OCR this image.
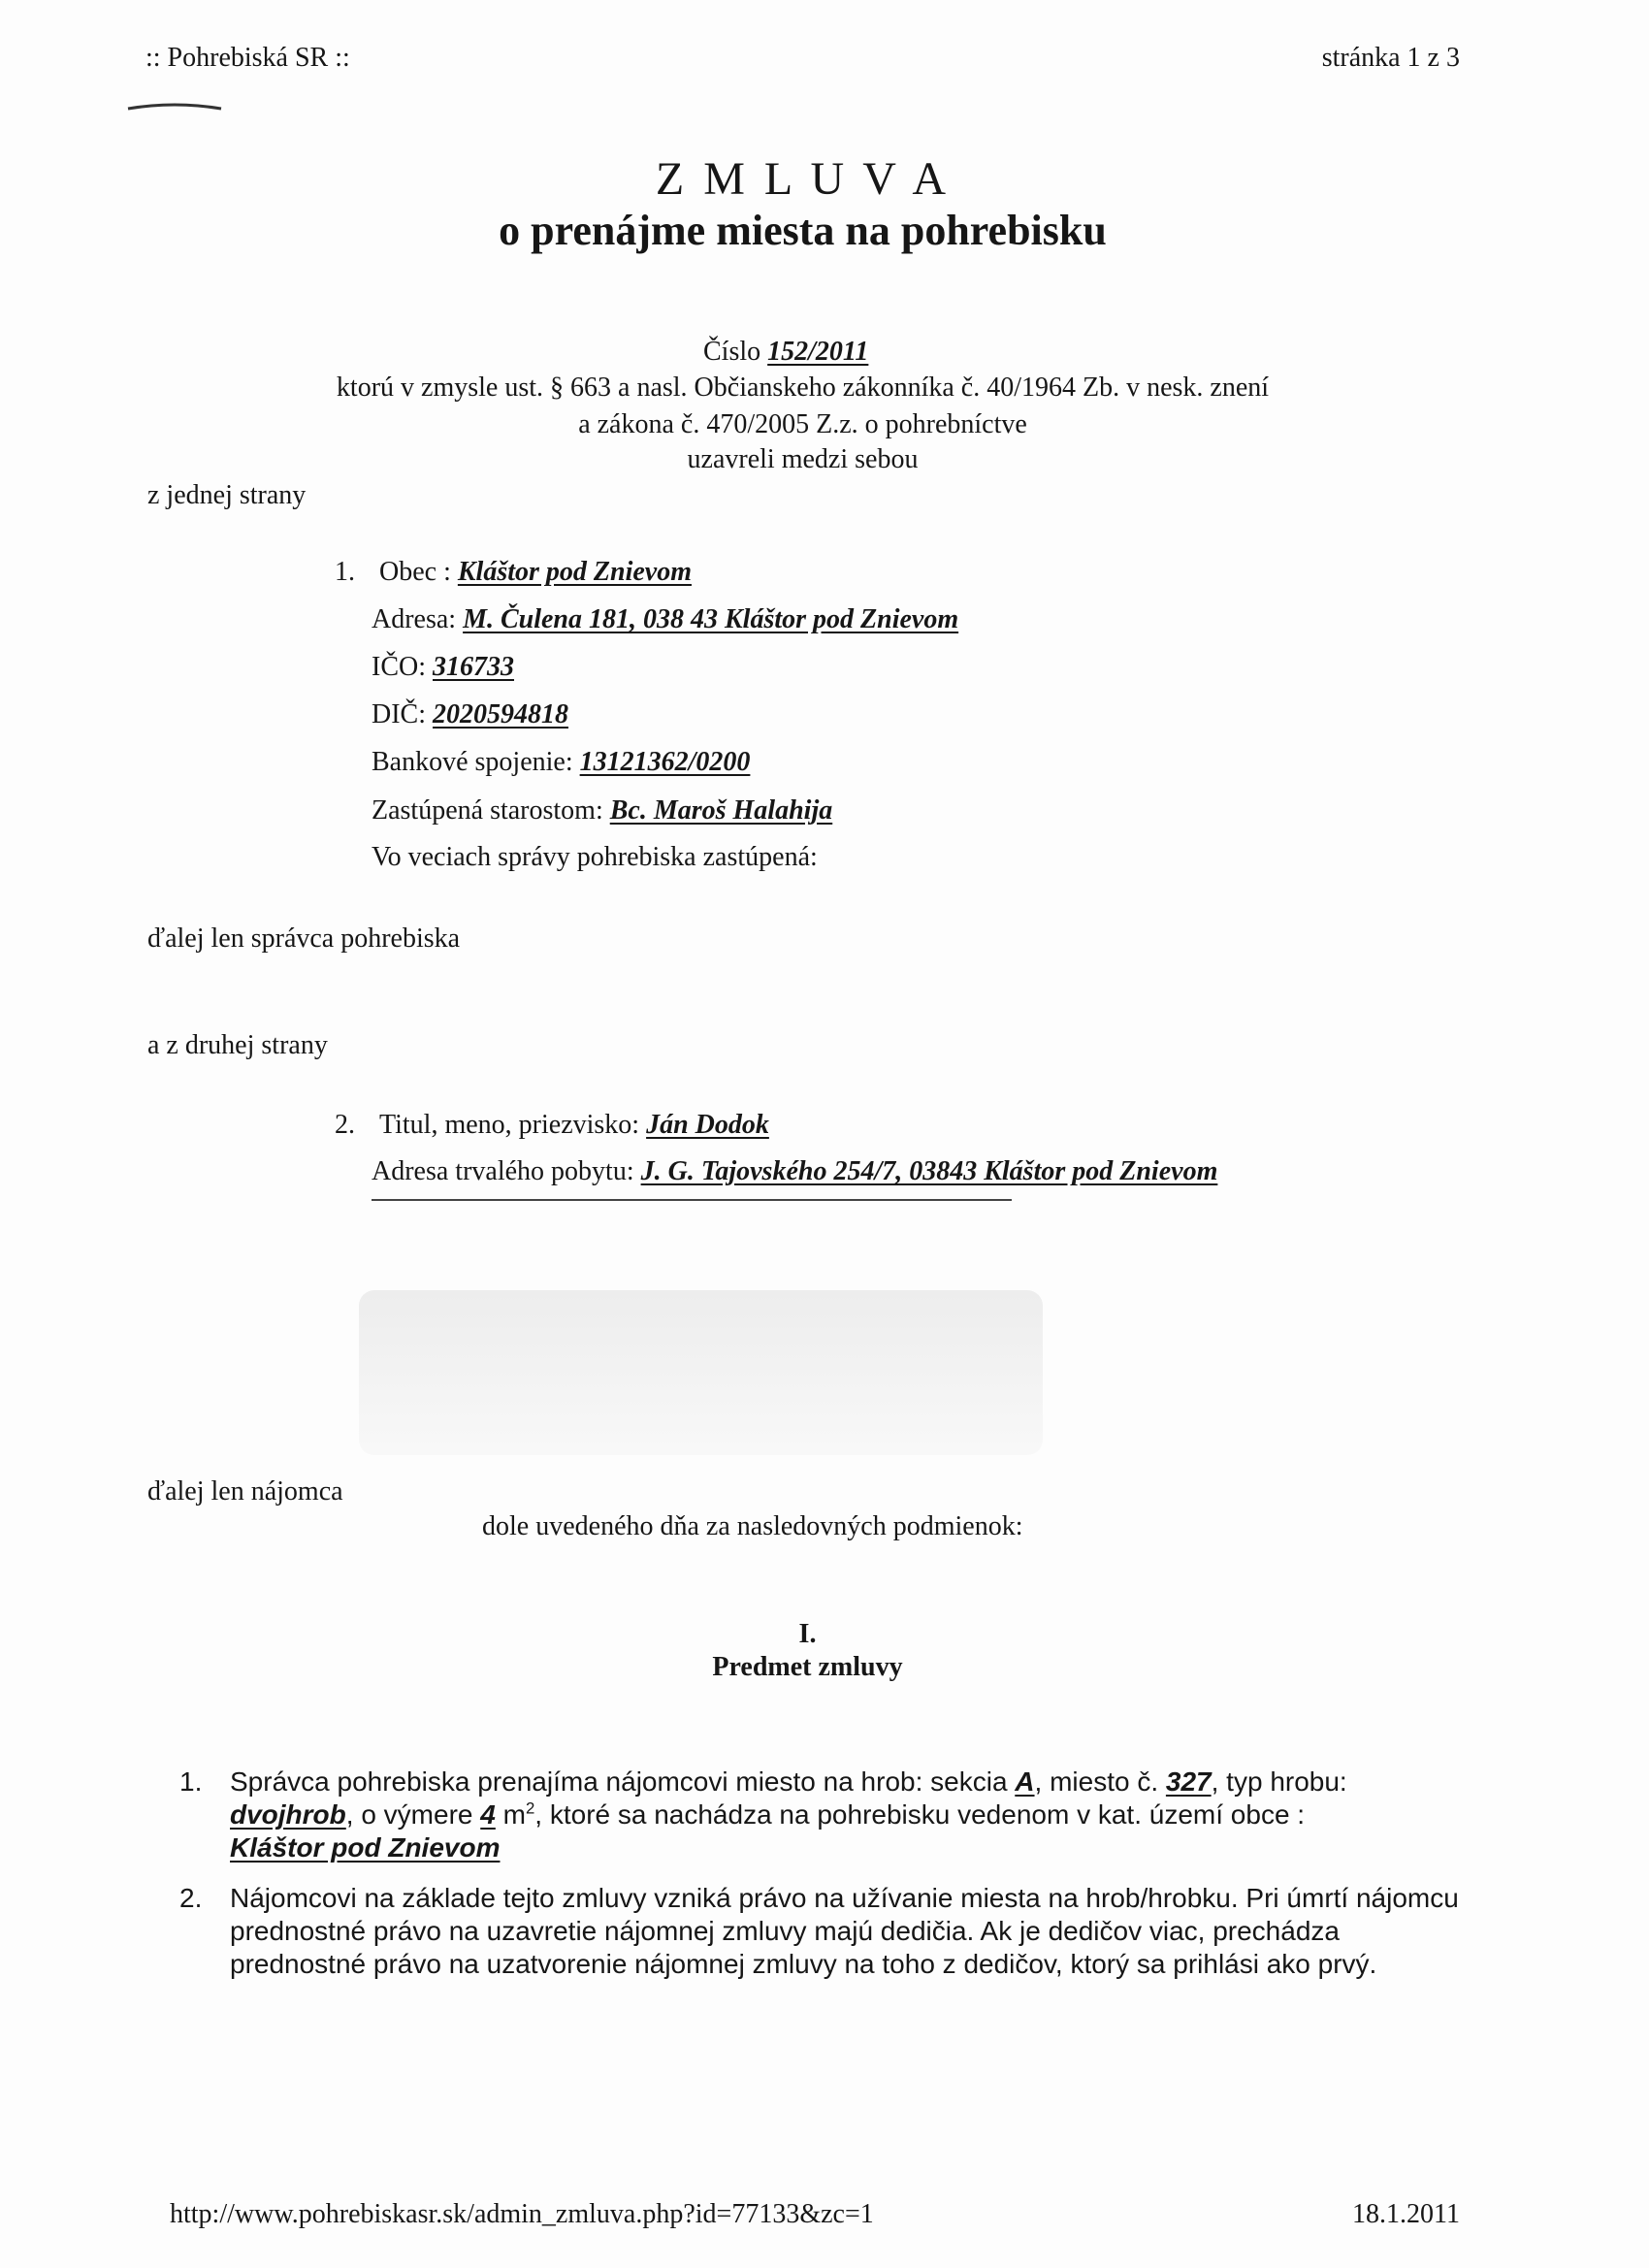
:: Pohrebiská SR ::	stránka 1 z 3
Z M L U V A
o prenájme miesta na pohrebisku
Číslo 152/2011
ktorú v zmysle ust. § 663 a nasl. Občianskeho zákonníka č. 40/1964 Zb. v nesk. znení
a zákona č. 470/2005 Z.z. o pohrebníctve
uzavreli medzi sebou
z jednej strany
1. Obec : Kláštor pod Znievom
Adresa: M. Čulena 181, 038 43 Kláštor pod Znievom
IČO: 316733
DIČ: 2020594818
Bankové spojenie: 13121362/0200
Zastúpená starostom: Bc. Maroš Halahija
Vo veciach správy pohrebiska zastúpená:
ďalej len správca pohrebiska
a z druhej strany
2. Titul, meno, priezvisko: Ján Dodok
Adresa trvalého pobytu: J. G. Tajovského 254/7, 03843 Kláštor pod Znievom
ďalej len nájomca
dole uvedeného dňa za nasledovných podmienok:
I.
Predmet zmluvy
1. Správca pohrebiska prenajíma nájomcovi miesto na hrob: sekcia A, miesto č. 327, typ hrobu:
dvojhrob, o výmere 4 $m^2$, ktoré sa nachádza na pohrebisku vedenom v kat. území obce :
Kláštor pod Znievom
2. Nájomcovi na základe tejto zmluvy vzniká právo na užívanie miesta na hrob/hrobku. Pri úmrtí nájomcu prednostné právo na uzavretie nájomnej zmluvy majú dedičia. Ak je dedičov viac, prechádza prednostné právo na uzatvorenie nájomnej zmluvy na toho z dedičov, ktorý sa prihlási ako prvý.
http://www.pohrebiskasr.sk/admin_zmluva.php?id=77133&zc=1	18.1.2011
